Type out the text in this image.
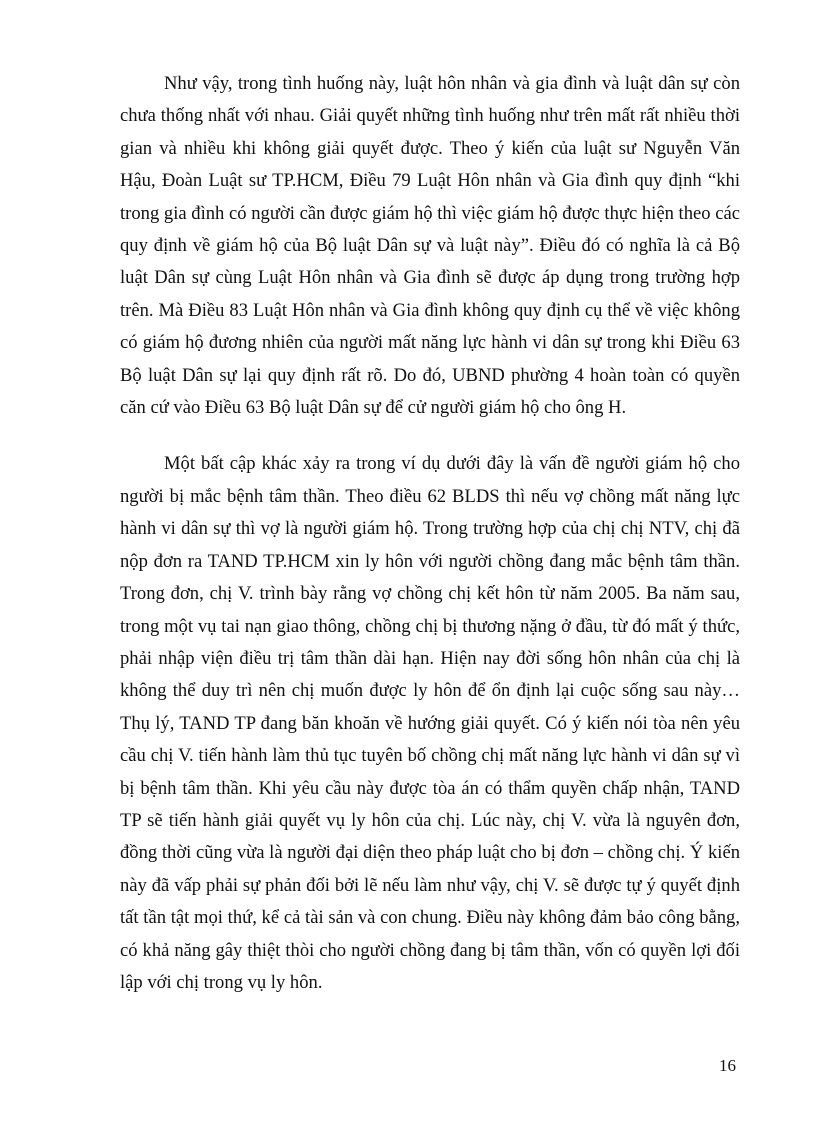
Như vậy, trong tình huống này, luật hôn nhân và gia đình và luật dân sự còn chưa thống nhất với nhau. Giải quyết những tình huống như trên mất rất nhiều thời gian và nhiều khi không giải quyết được. Theo ý kiến của luật sư Nguyễn Văn Hậu, Đoàn Luật sư TP.HCM, Điều 79 Luật Hôn nhân và Gia đình quy định “khi trong gia đình có người cần được giám hộ thì việc giám hộ được thực hiện theo các quy định về giám hộ của Bộ luật Dân sự và luật này”. Điều đó có nghĩa là cả Bộ luật Dân sự cùng Luật Hôn nhân và Gia đình sẽ được áp dụng trong trường hợp trên. Mà Điều 83 Luật Hôn nhân và Gia đình không quy định cụ thể về việc không có giám hộ đương nhiên của người mất năng lực hành vi dân sự trong khi Điều 63 Bộ luật Dân sự lại quy định rất rõ. Do đó, UBND phường 4 hoàn toàn có quyền căn cứ vào Điều 63 Bộ luật Dân sự để cử người giám hộ cho ông H.

Một bất cập khác xảy ra trong ví dụ dưới đây là vấn đề người giám hộ cho người bị mắc bệnh tâm thần. Theo điều 62 BLDS thì nếu vợ chồng mất năng lực hành vi dân sự thì vợ là người giám hộ. Trong trường hợp của chị chị NTV, chị đã nộp đơn ra TAND TP.HCM xin ly hôn với người chồng đang mắc bệnh tâm thần. Trong đơn, chị V. trình bày rằng vợ chồng chị kết hôn từ năm 2005. Ba năm sau, trong một vụ tai nạn giao thông, chồng chị bị thương nặng ở đầu, từ đó mất ý thức, phải nhập viện điều trị tâm thần dài hạn. Hiện nay đời sống hôn nhân của chị là không thể duy trì nên chị muốn được ly hôn để ổn định lại cuộc sống sau này…Thụ lý, TAND TP đang băn khoăn về hướng giải quyết. Có ý kiến nói tòa nên yêu cầu chị V. tiến hành làm thủ tục tuyên bố chồng chị mất năng lực hành vi dân sự vì bị bệnh tâm thần. Khi yêu cầu này được tòa án có thẩm quyền chấp nhận, TAND TP sẽ tiến hành giải quyết vụ ly hôn của chị. Lúc này, chị V. vừa là nguyên đơn, đồng thời cũng vừa là người đại diện theo pháp luật cho bị đơn – chồng chị. Ý kiến này đã vấp phải sự phản đối bởi lẽ nếu làm như vậy, chị V. sẽ được tự ý quyết định tất tần tật mọi thứ, kể cả tài sản và con chung. Điều này không đảm bảo công bằng, có khả năng gây thiệt thòi cho người chồng đang bị tâm thần, vốn có quyền lợi đối lập với chị trong vụ ly hôn.

16
